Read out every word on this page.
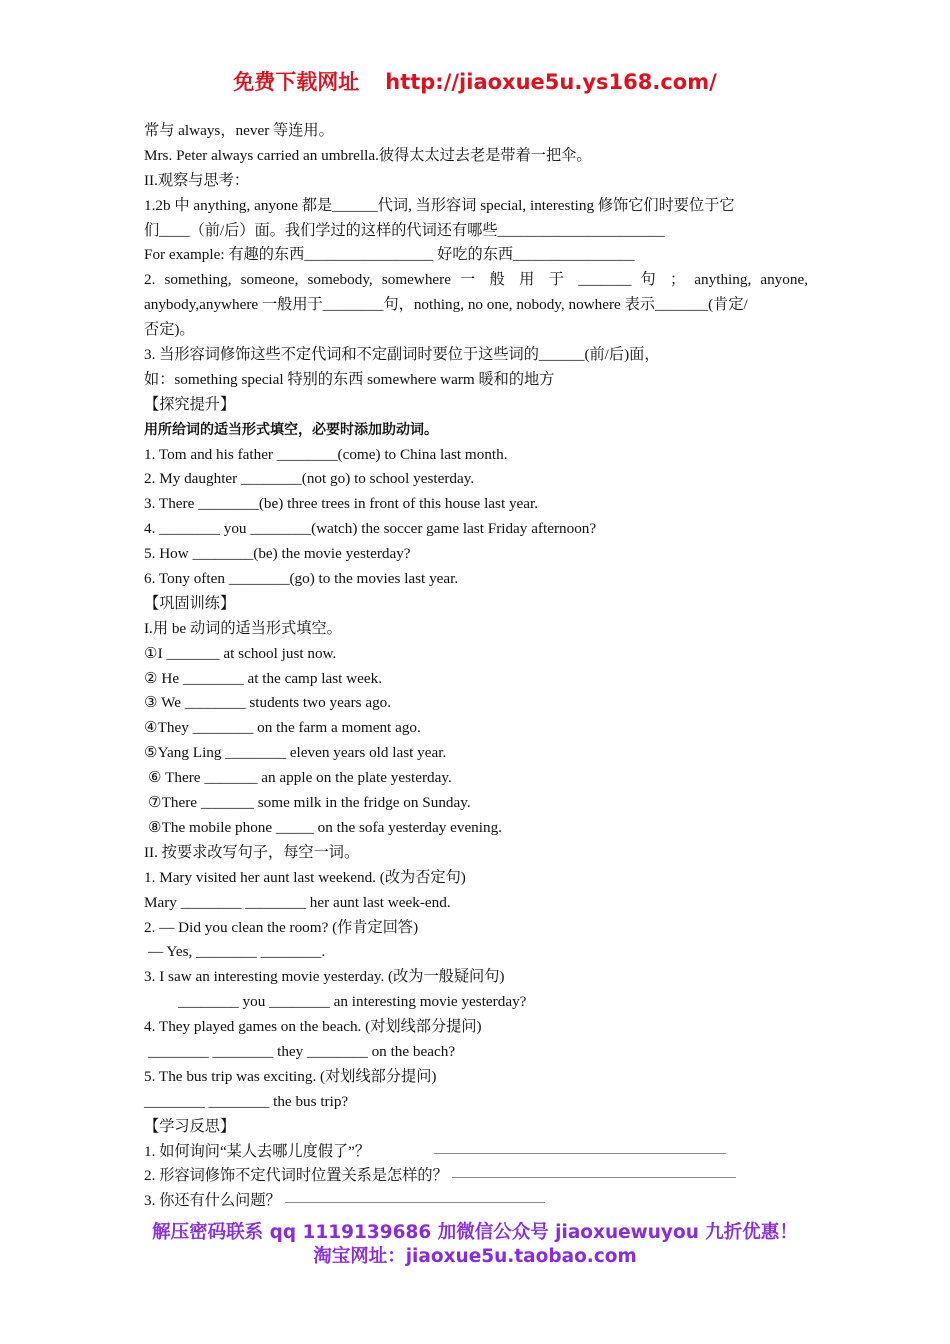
免费下载网址 http://jiaoxue5u.ys168.com/
常与 always，never 等连用。
Mrs. Peter always carried an umbrella.彼得太太过去老是带着一把伞。
II.观察与思考：
1.2b 中 anything, anyone 都是______代词, 当形容词 special, interesting 修饰它们时要位于它
们____（前/后）面。我们学过的这样的代词还有哪些______________________
For example: 有趣的东西_________________ 好吃的东西________________
2. something, someone, somebody, somewhere 一 般 用 于 _______ 句 ； anything, anyone,
anybody,anywhere 一般用于________句，nothing, no one, nobody, nowhere 表示_______(肯定/
否定)。
3. 当形容词修饰这些不定代词和不定副词时要位于这些词的______(前/后)面，
如：something special 特别的东西 somewhere warm 暖和的地方
【探究提升】
用所给词的适当形式填空，必要时添加助动词。
1. Tom and his father ________(come) to China last month.
2. My daughter ________(not go) to school yesterday.
3. There ________(be) three trees in front of this house last year.
4. ________ you ________(watch) the soccer game last Friday afternoon?
5. How ________(be) the movie yesterday?
6. Tony often ________(go) to the movies last year.
【巩固训练】
I.用 be 动词的适当形式填空。
①I _______ at school just now.
② He ________ at the camp last week.
③ We ________ students two years ago.
④They ________ on the farm a moment ago.
⑤Yang Ling ________ eleven years old last year.
⑥ There _______ an apple on the plate yesterday.
⑦There _______ some milk in the fridge on Sunday.
⑧The mobile phone _____ on the sofa yesterday evening.
II. 按要求改写句子，每空一词。
1. Mary visited her aunt last weekend. (改为否定句)
Mary ________ ________ her aunt last week-end.
2. — Did you clean the room? (作肯定回答)
— Yes, ________ ________.
3. I saw an interesting movie yesterday. (改为一般疑问句)
________ you ________ an interesting movie yesterday?
4. They played games on the beach. (对划线部分提问)
________ ________ they ________ on the beach?
5. The bus trip was exciting. (对划线部分提问)
________ ________ the bus trip?
【学习反思】
1. 如何询问“某人去哪儿度假了”？
2. 形容词修饰不定代词时位置关系是怎样的？
3. 你还有什么问题？
解压密码联系 qq 1119139686 加微信公众号 jiaoxuewuyou 九折优惠！
淘宝网址：jiaoxue5u.taobao.com
